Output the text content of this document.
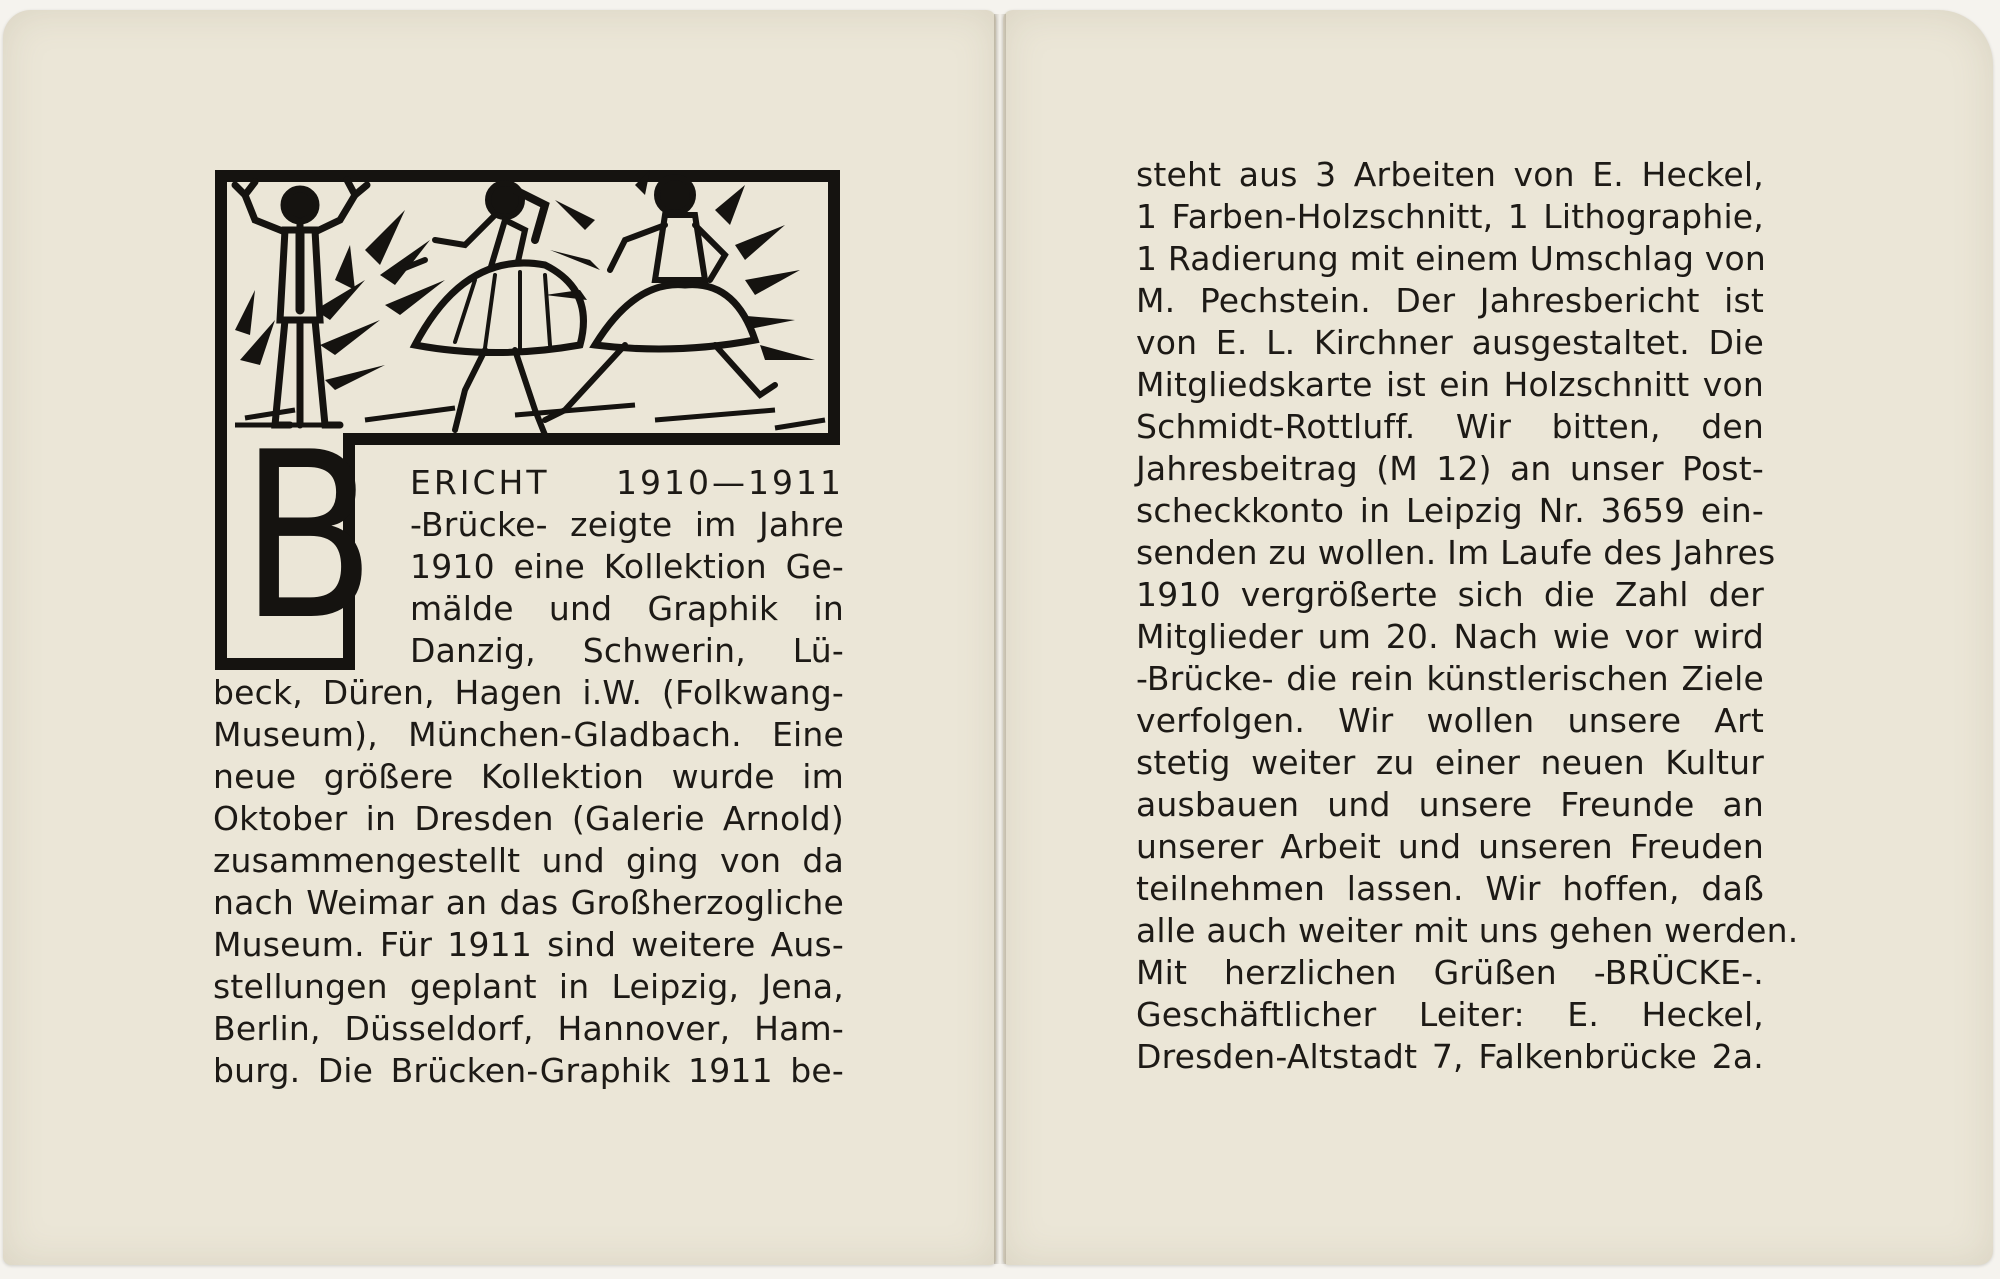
B ERICHT 1910—1911
-Brücke- zeigte im Jahre
1910 eine Kollektion Ge-
mälde und Graphik in
Danzig, Schwerin, Lü-
beck, Düren, Hagen i.W. (Folkwang-
Museum), München-Gladbach. Eine
neue größere Kollektion wurde im
Oktober in Dresden (Galerie Arnold)
zusammengestellt und ging von da
nach Weimar an das Großherzogliche
Museum. Für 1911 sind weitere Aus-
stellungen geplant in Leipzig, Jena,
Berlin, Düsseldorf, Hannover, Ham-
burg. Die Brücken-Graphik 1911 be-
steht aus 3 Arbeiten von E. Heckel,
1 Farben-Holzschnitt, 1 Lithographie,
1 Radierung mit einem Umschlag von
M. Pechstein. Der Jahresbericht ist
von E. L. Kirchner ausgestaltet. Die
Mitgliedskarte ist ein Holzschnitt von
Schmidt-Rottluff. Wir bitten, den
Jahresbeitrag (M 12) an unser Post-
scheckkonto in Leipzig Nr. 3659 ein-
senden zu wollen. Im Laufe des Jahres
1910 vergrößerte sich die Zahl der
Mitglieder um 20. Nach wie vor wird
-Brücke- die rein künstlerischen Ziele
verfolgen. Wir wollen unsere Art
stetig weiter zu einer neuen Kultur
ausbauen und unsere Freunde an
unserer Arbeit und unseren Freuden
teilnehmen lassen. Wir hoffen, daß
alle auch weiter mit uns gehen werden.
Mit herzlichen Grüßen -BRÜCKE-.
Geschäftlicher Leiter: E. Heckel,
Dresden-Altstadt 7, Falkenbrücke 2a.
